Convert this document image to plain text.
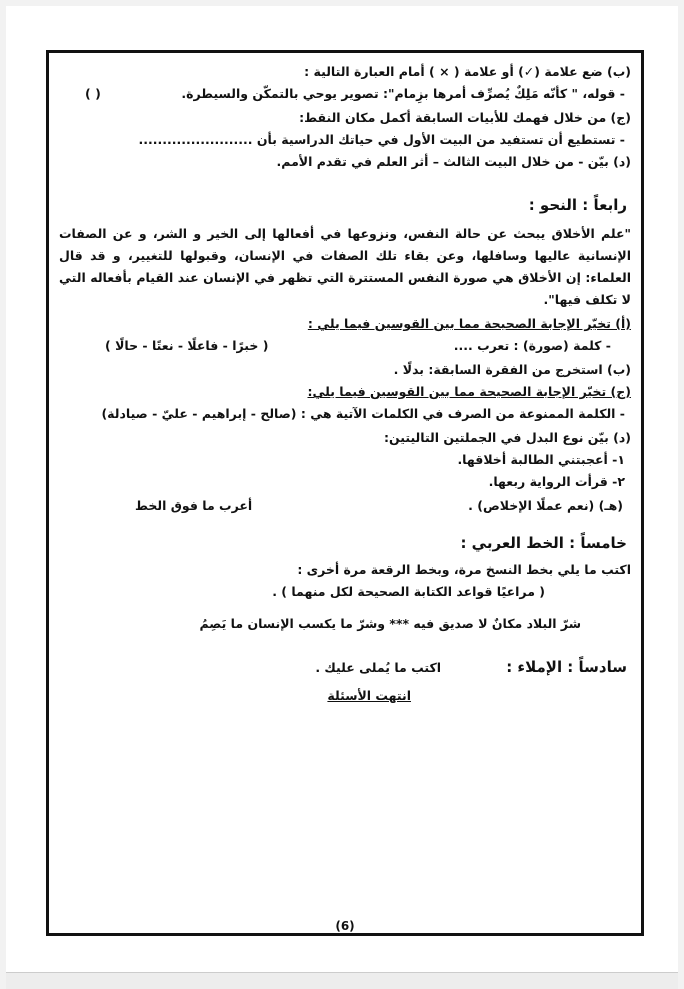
(ب) ضع علامة (✓) أو علامة ( × ) أمام العبارة التالية :
- قوله، " كأنّه مَلِكٌ يُصرِّف أمرها بزِمام": تصوير يوحي بالتمكّن والسيطرة.
( )
(ج) من خلال فهمك للأبيات السابقة أكمل مكان النقط:
- تستطيع أن تستفيد من البيت الأول في حياتك الدراسية بأن ........................
(د) بيّن - من خلال البيت الثالث – أثر العلم في تقدم الأمم.
رابعاً : النحو :
"علم الأخلاق يبحث عن حالة النفس، ونزوعها في أفعالها إلى الخير و الشر، و عن الصفات الإنسانية عاليها وسافلها، وعن بقاء تلك الصفات في الإنسان، وقبولها للتغيير، و قد قال العلماء: إن الأخلاق هي صورة النفس المستترة التي تظهر في الإنسان عند القيام بأفعاله التي لا تكلف فيها".
(أ) تخيّر الإجابة الصحيحة مما بين القوسين فيما يلي :
- كلمة (صورة) : تعرب ....
( خبرًا - فاعلًا - نعتًا - حالًا )
(ب) استخرج من الفقرة السابقة: بدلًا .
(ج) تخيّر الإجابة الصحيحة مما بين القوسين فيما يلي:
- الكلمة الممنوعة من الصرف في الكلمات الآتية هي : (صالح - إبراهيم - عليّ - صيادلة)
(د) بيّن نوع البدل في الجملتين التاليتين:
١- أعجبتني الطالبة أخلاقها.
٢- قرأت الرواية ربعها.
(هـ) (نعم عملًا الإخلاص) .
أعرب ما فوق الخط
خامساً : الخط العربي :
اكتب ما يلي بخط النسخ مرة، وبخط الرقعة مرة أخرى :
( مراعيًا قواعد الكتابة الصحيحة لكل منهما ) .
شرّ البلاد مكانٌ لا صديق فيه *** وشرّ ما يكسب الإنسان ما يَصِمُ
سادساً : الإملاء :
اكتب ما يُملى عليك .
انتهت الأسئلة
(6)
